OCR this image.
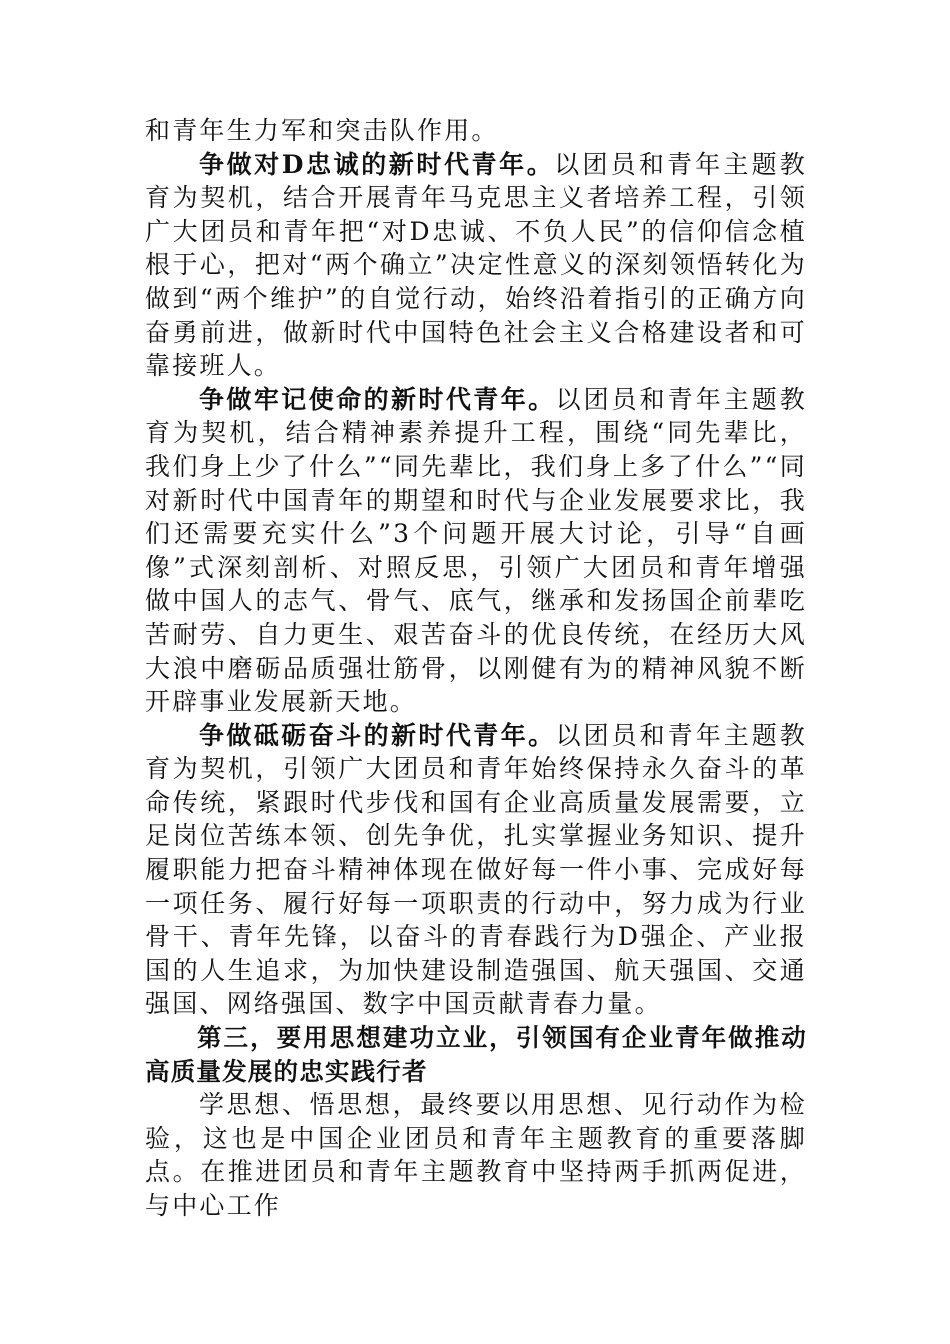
和青年生力军和突击队作用。

争做对D忠诚的新时代青年。以团员和青年主题教育为契机，结合开展青年马克思主义者培养工程，引领广大团员和青年把“对D忠诚、不负人民”的信仰信念植根于心，把对“两个确立”决定性意义的深刻领悟转化为做到“两个维护”的自觉行动，始终沿着指引的正确方向奋勇前进，做新时代中国特色社会主义合格建设者和可靠接班人。

争做牢记使命的新时代青年。以团员和青年主题教育为契机，结合精神素养提升工程，围绕“同先辈比，我们身上少了什么”“同先辈比，我们身上多了什么”“同对新时代中国青年的期望和时代与企业发展要求比，我们还需要充实什么”3个问题开展大讨论，引导“自画像”式深刻剖析、对照反思，引领广大团员和青年增强做中国人的志气、骨气、底气，继承和发扬国企前辈吃苦耐劳、自力更生、艰苦奋斗的优良传统，在经历大风大浪中磨砺品质强壮筋骨，以刚健有为的精神风貌不断开辟事业发展新天地。

争做砥砺奋斗的新时代青年。以团员和青年主题教育为契机，引领广大团员和青年始终保持永久奋斗的革命传统，紧跟时代步伐和国有企业高质量发展需要，立足岗位苦练本领、创先争优，扎实掌握业务知识、提升履职能力把奋斗精神体现在做好每一件小事、完成好每一项任务、履行好每一项职责的行动中，努力成为行业骨干、青年先锋，以奋斗的青春践行为D强企、产业报国的人生追求，为加快建设制造强国、航天强国、交通强国、网络强国、数字中国贡献青春力量。

第三，要用思想建功立业，引领国有企业青年做推动高质量发展的忠实践行者

学思想、悟思想，最终要以用思想、见行动作为检验，这也是中国企业团员和青年主题教育的重要落脚点。在推进团员和青年主题教育中坚持两手抓两促进，与中心工作
